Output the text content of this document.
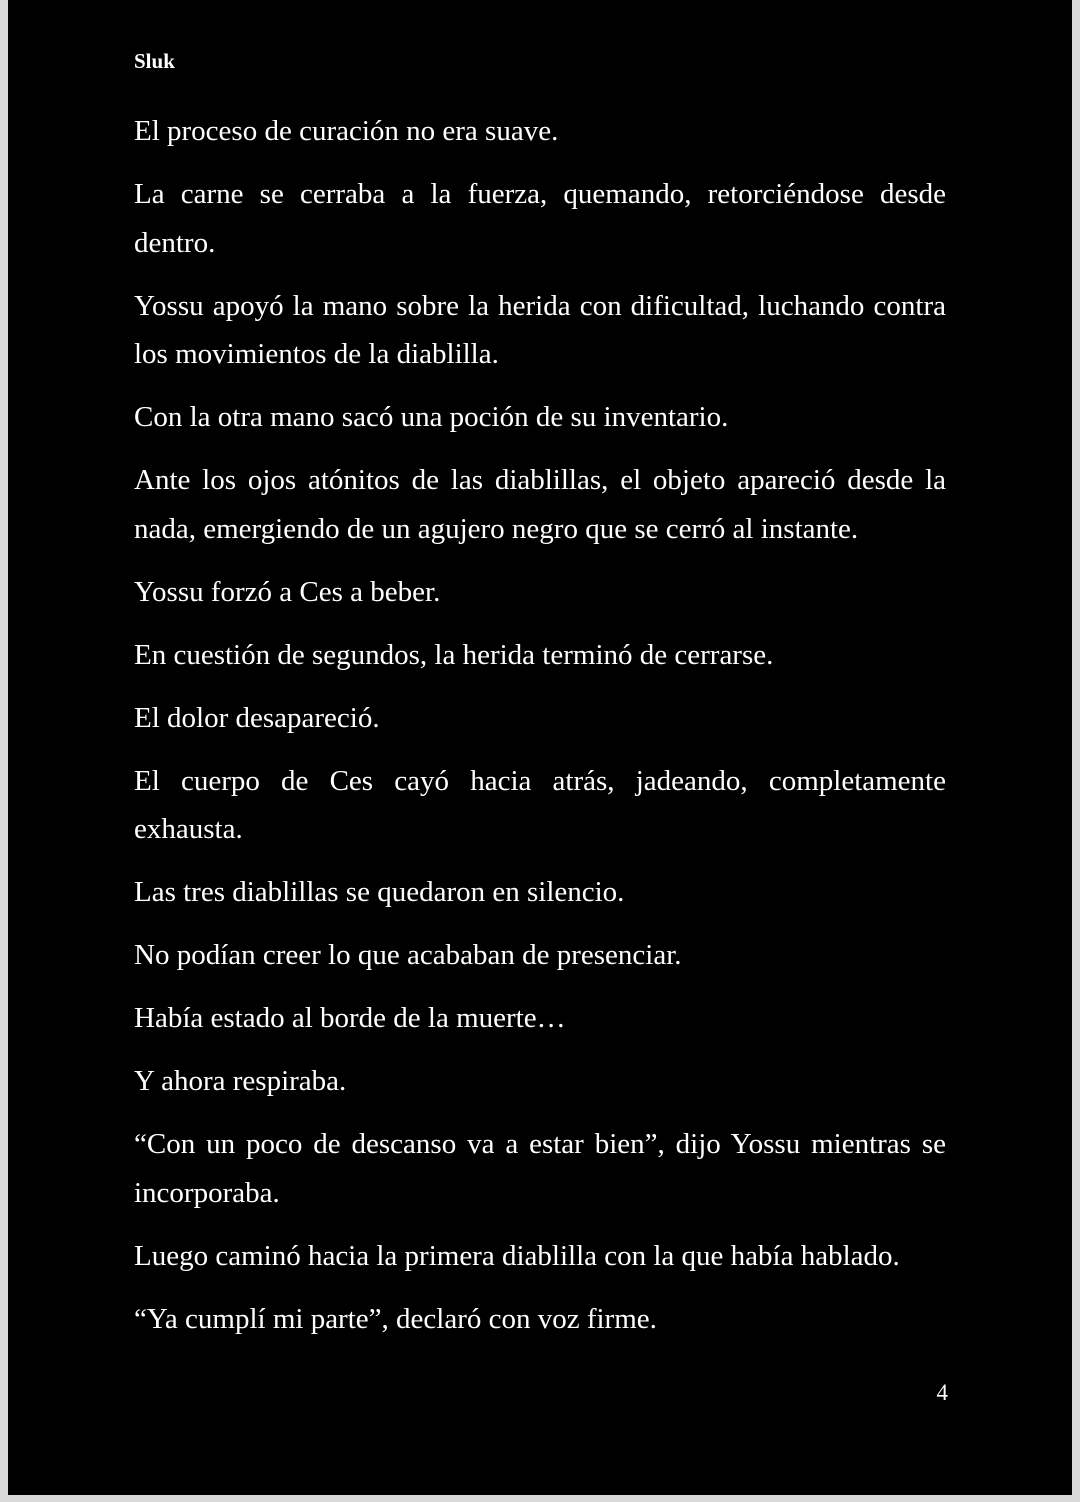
Sluk

El proceso de curación no era suave.

La carne se cerraba a la fuerza, quemando, retorciéndose desde dentro.

Yossu apoyó la mano sobre la herida con dificultad, luchando contra los movimientos de la diablilla.

Con la otra mano sacó una poción de su inventario.

Ante los ojos atónitos de las diablillas, el objeto apareció desde la nada, emergiendo de un agujero negro que se cerró al instante.

Yossu forzó a Ces a beber.

En cuestión de segundos, la herida terminó de cerrarse.

El dolor desapareció.

El cuerpo de Ces cayó hacia atrás, jadeando, completamente exhausta.

Las tres diablillas se quedaron en silencio.

No podían creer lo que acababan de presenciar.

Había estado al borde de la muerte…

Y ahora respiraba.

“Con un poco de descanso va a estar bien”, dijo Yossu mientras se incorporaba.

Luego caminó hacia la primera diablilla con la que había hablado.

“Ya cumplí mi parte”, declaró con voz firme.

4
